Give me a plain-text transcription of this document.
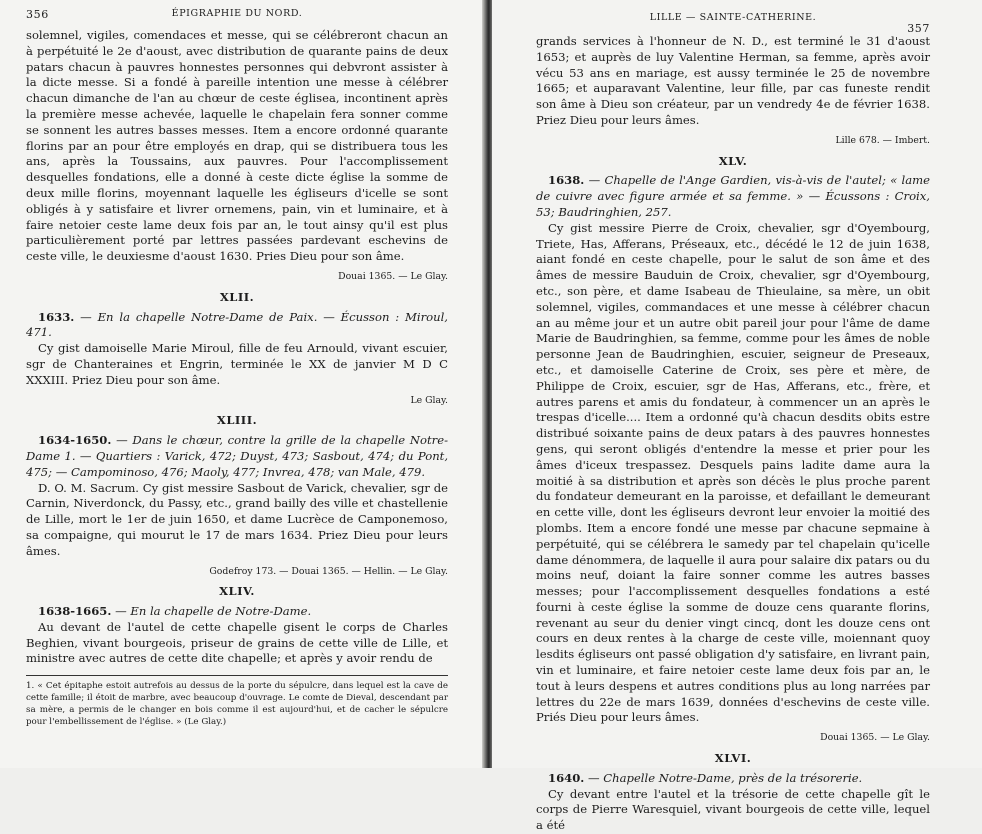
356	ÉPIGRAPHIE DU NORD.

solemnel, vigiles, comendaces et messe, qui se célébreront chacun an à perpétuité le 2e d'aoust, avec distribution de quarante pains de deux patars chacun à pauvres honnestes personnes qui debvront assister à la dicte messe. Si a fondé à pareille intention une messe à célébrer chacun dimanche de l'an au chœur de ceste églisea, incontinent après la première messe achevée, laquelle le chapelain fera sonner comme se sonnent les autres basses messes. Item a encore ordonné quarante florins par an pour être employés en drap, qui se distribuera tous les ans, après la Toussains, aux pauvres. Pour l'accomplissement desquelles fondations, elle a donné à ceste dicte église la somme de deux mille florins, moyennant laquelle les égliseurs d'icelle se sont obligés à y satisfaire et livrer ornemens, pain, vin et luminaire, et à faire netoier ceste lame deux fois par an, le tout ainsy qu'il est plus particulièrement porté par lettres passées pardevant eschevins de ceste ville, le deuxiesme d'aoust 1630. Pries Dieu pour son âme.

Douai 1365. — Le Glay.
XLII.

1633. — En la chapelle Notre-Dame de Paix. — Écusson : Miroul, 471.

Cy gist damoiselle Marie Miroul, fille de feu Arnould, vivant escuier, sgr de Chanteraines et Engrin, terminée le XX de janvier M D C XXXIII. Priez Dieu pour son âme.

Le Glay.
XLIII.

1634-1650. — Dans le chœur, contre la grille de la chapelle Notre-Dame 1. — Quartiers : Varick, 472; Duyst, 473; Sasbout, 474; du Pont, 475; — Campominoso, 476; Maoly, 477; Invrea, 478; van Male, 479.

D. O. M. Sacrum. Cy gist messire Sasbout de Varick, chevalier, sgr de Carnin, Niverdonck, du Passy, etc., grand bailly des ville et chastellenie de Lille, mort le 1er de juin 1650, et dame Lucrèce de Camponemoso, sa compaigne, qui mourut le 17 de mars 1634. Priez Dieu pour leurs âmes.

Godefroy 173. — Douai 1365. — Hellin. — Le Glay.
XLIV.

1638-1665. — En la chapelle de Notre-Dame.

Au devant de l'autel de cette chapelle gisent le corps de Charles Beghien, vivant bourgeois, priseur de grains de cette ville de Lille, et ministre avec autres de cette dite chapelle; et après y avoir rendu de

1. « Cet épitaphe estoit autrefois au dessus de la porte du sépulcre, dans lequel est la cave de cette famille; il étoit de marbre, avec beaucoup d'ouvrage. Le comte de Dieval, descendant par sa mère, a permis de le changer en bois comme il est aujourd'hui, et de cacher le sépulcre pour l'embellissement de l'église. » (Le Glay.)
LILLE — SAINTE-CATHERINE.
357

grands services à l'honneur de N. D., est terminé le 31 d'aoust 1653; et auprès de luy Valentine Herman, sa femme, après avoir vécu 53 ans en mariage, est aussy terminée le 25 de novembre 1665; et auparavant Valentine, leur fille, par cas funeste rendit son âme à Dieu son créateur, par un vendredy 4e de février 1638. Priez Dieu pour leurs âmes.

Lille 678. — Imbert.
XLV.

1638. — Chapelle de l'Ange Gardien, vis-à-vis de l'autel; « lame de cuivre avec figure armée et sa femme. » — Écussons : Croix, 53; Baudringhien, 257.

Cy gist messire Pierre de Croix, chevalier, sgr d'Oyembourg, Triete, Has, Afferans, Préseaux, etc., décédé le 12 de juin 1638, aiant fondé en ceste chapelle, pour le salut de son âme et des âmes de messire Bauduin de Croix, chevalier, sgr d'Oyembourg, etc., son père, et dame Isabeau de Thieulaine, sa mère, un obit solemnel, vigiles, commandaces et une messe à célébrer chacun an au même jour et un autre obit pareil jour pour l'âme de dame Marie de Baudringhien, sa femme, comme pour les âmes de noble personne Jean de Baudringhien, escuier, seigneur de Preseaux, etc., et damoiselle Caterine de Croix, ses père et mère, de Philippe de Croix, escuier, sgr de Has, Afferans, etc., frère, et autres parens et amis du fondateur, à commencer un an après le trespas d'icelle.... Item a ordonné qu'à chacun desdits obits estre distribué soixante pains de deux patars à des pauvres honnestes gens, qui seront obligés d'entendre la messe et prier pour les âmes d'iceux trespassez. Desquels pains ladite dame aura la moitié à sa distribution et après son décès le plus proche parent du fondateur demeurant en la paroisse, et defaillant le demeurant en cette ville, dont les égliseurs devront leur envoier la moitié des plombs. Item a encore fondé une messe par chacune sepmaine à perpétuité, qui se célébrera le samedy par tel chapelain qu'icelle dame dénommera, de laquelle il aura pour salaire dix patars ou du moins neuf, doiant la faire sonner comme les autres basses messes; pour l'accomplissement desquelles fondations a esté fourni à ceste église la somme de douze cens quarante florins, revenant au seur du denier vingt cincq, dont les douze cens ont cours en deux rentes à la charge de ceste ville, moiennant quoy lesdits égliseurs ont passé obligation d'y satisfaire, en livrant pain, vin et luminaire, et faire netoier ceste lame deux fois par an, le tout à leurs despens et autres conditions plus au long narrées par lettres du 22e de mars 1639, données d'eschevins de ceste ville. Priés Dieu pour leurs âmes.

Douai 1365. — Le Glay.
XLVI.

1640. — Chapelle Notre-Dame, près de la trésorerie.

Cy devant entre l'autel et la trésorie de cette chapelle gît le corps de Pierre Waresquiel, vivant bourgeois de cette ville, lequel a été
